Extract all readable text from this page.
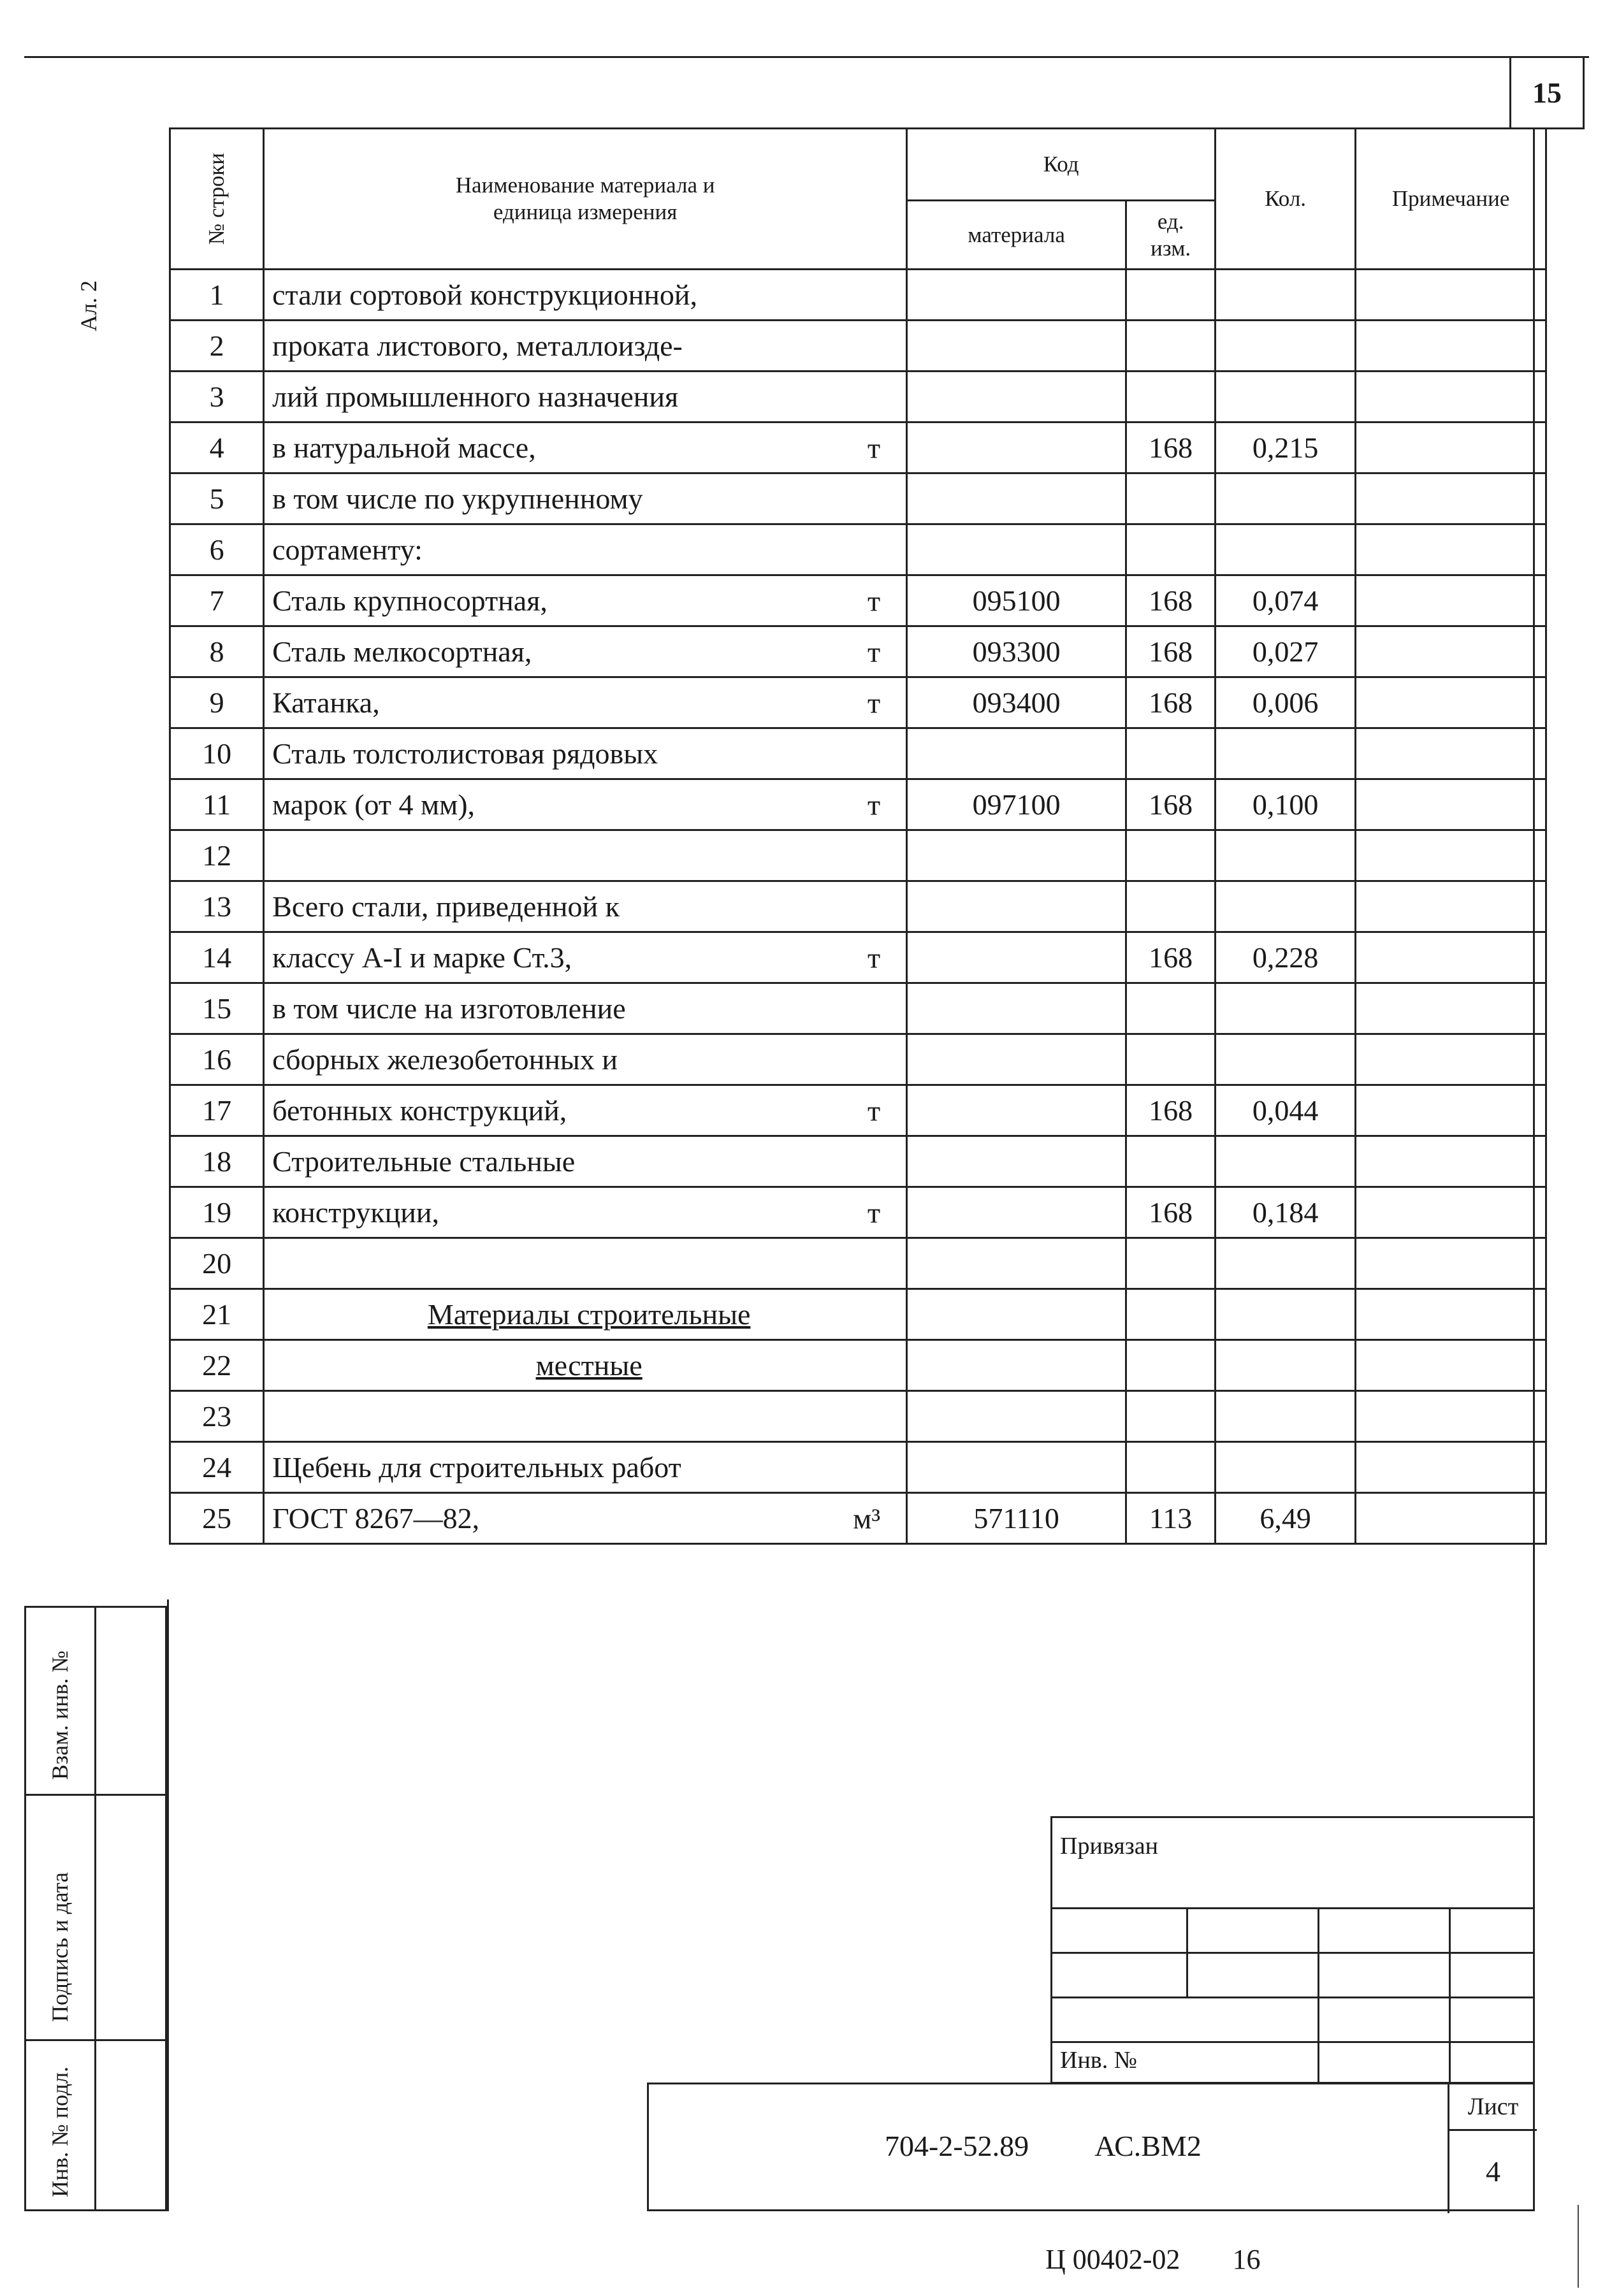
15
Ал. 2
№ строки	Наименование материала и единица измерения	Код		Кол.	Примечание
		материала	ед. изм.		
1	стали сортовой конструкционной,

2	проката листового, металлоизде-

3	лий промышленного назначения

4	в натуральной массе, т		168	0,215	
5	в том числе по укрупненному

6	сортаменту:

7	Сталь крупносортная, т	095100	168	0,074	
8	Сталь мелкосортная, т	093300	168	0,027	
9	Катанка, т	093400	168	0,006	
10	Сталь толстолистовая рядовых

11	марок (от 4 мм), т	097100	168	0,100	
12	

13	Всего стали, приведенной к

14	классу А-I и марке Ст.3, т		168	0,228	
15	в том числе на изготовление

16	сборных железобетонных и

17	бетонных конструкций, т		168	0,044	
18	Строительные стальные

19	конструкции, т		168	0,184	
20	

21	Материалы строительные				

22	местные				

23	

24	Щебень для строительных работ

25	ГОСТ 8267—82, м³	571110	113	6,49	
Взам. инв. №
Подпись и дата
Инв. № подл.
Привязан
Инв. №
704-2-52.89 АС.ВМ2
Лист
4
Ц 00402-02 16
